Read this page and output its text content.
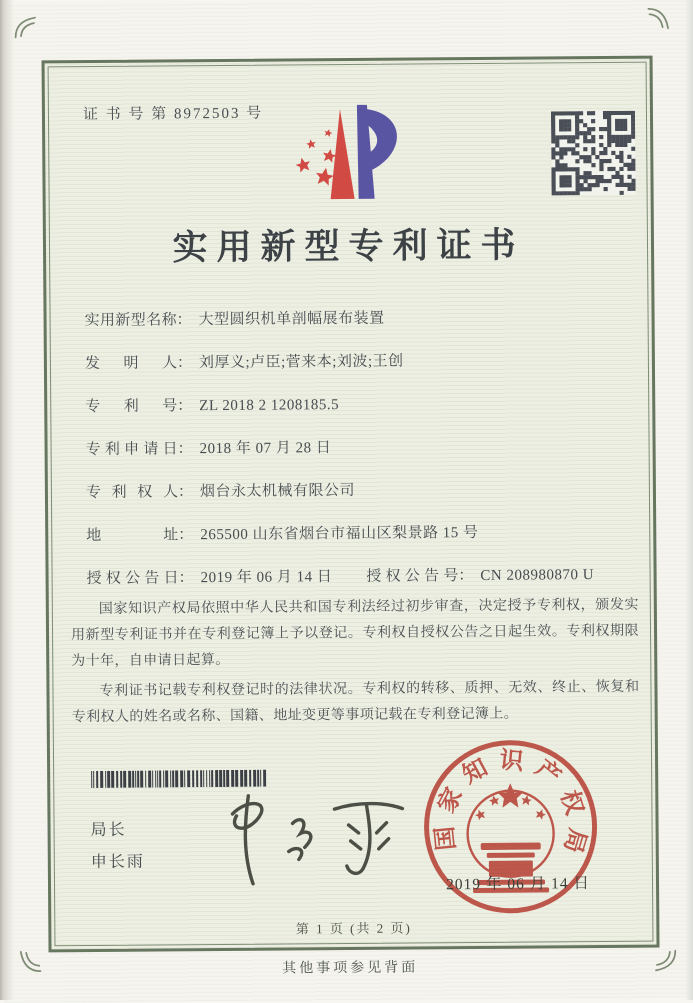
证 书 号 第 8972503 号
实用新型专利证书
实用新型名称 ： 大型圆织机单剖幅展布装置
发明人 ： 刘厚义;卢臣;菅来本;刘波;王创
专利号 ： ZL 2018 2 1208185.5
专利申请日 ： 2018 年 07 月 28 日
专利权人 ： 烟台永太机械有限公司
地址 ： 265500 山东省烟台市福山区梨景路 15 号
授权公告日 ： 2019 年 06 月 14 日 授权公告号 ： CN 208980870 U

国家知识产权局依照中华人民共和国专利法经过初步审查，决定授予专利权，颁发实用新型专利证书并在专利登记簿上予以登记。专利权自授权公告之日起生效。专利权期限为十年，自申请日起算。

专利证书记载专利权登记时的法律状况。专利权的转移、质押、无效、终止、恢复和专利权人的姓名或名称、国籍、地址变更等事项记载在专利登记簿上。

局长
申长雨
国家知识产权局
2019 年 06 月 14 日
第 1 页 (共 2 页)
其他事项参见背面
